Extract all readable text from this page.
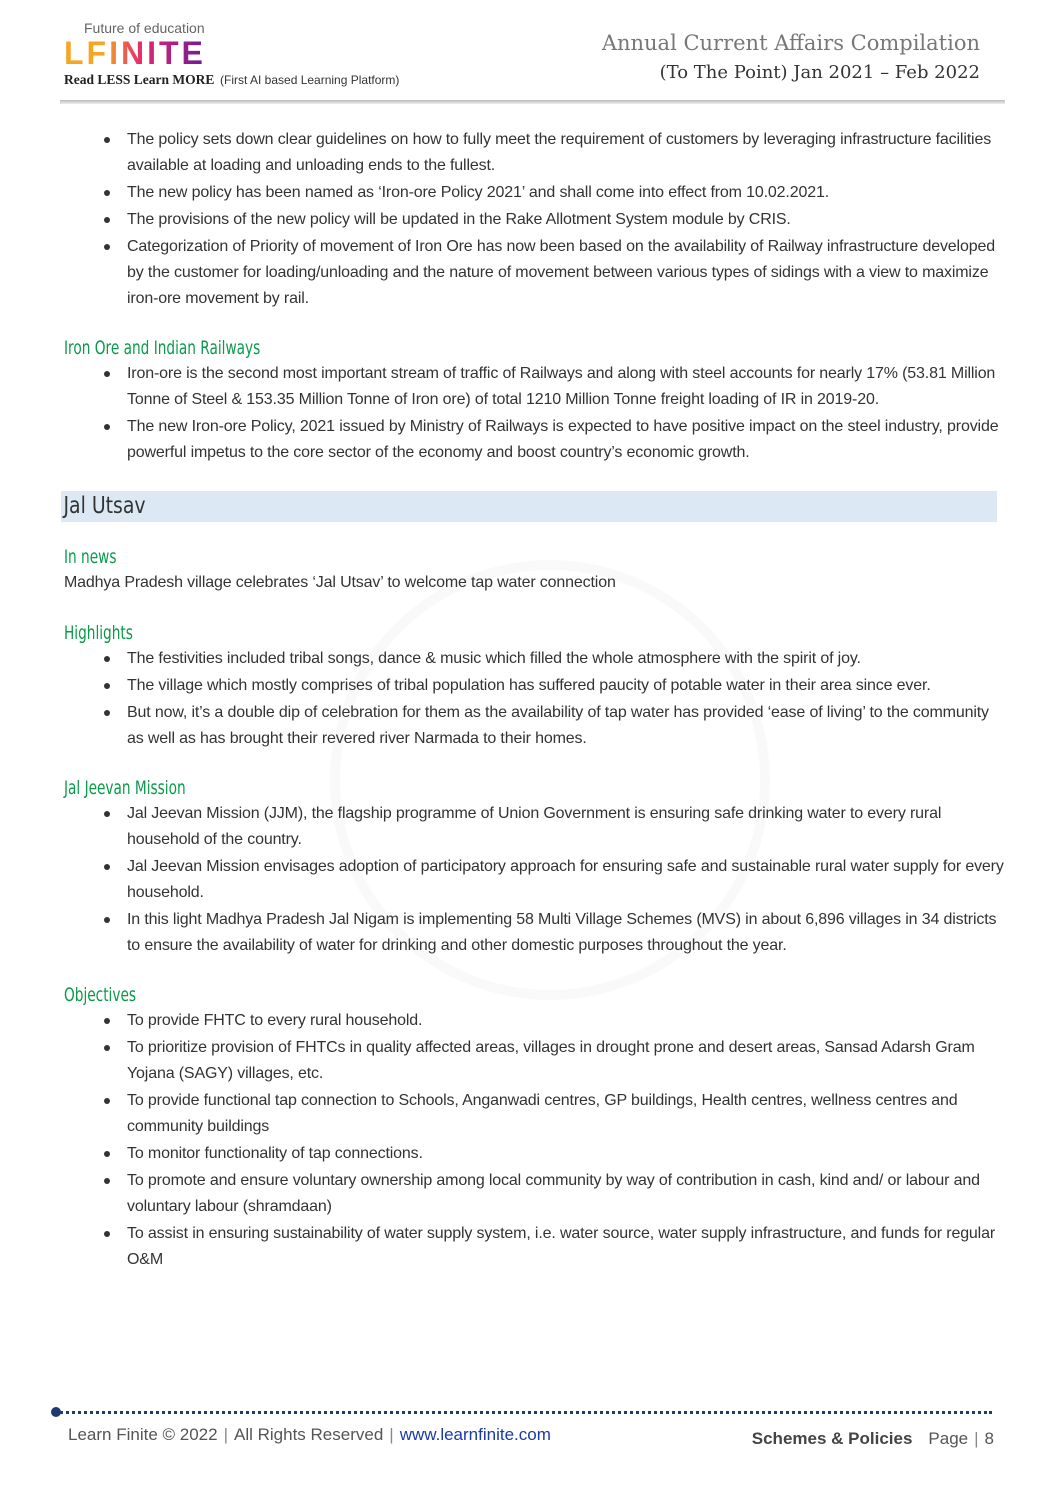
Future of education
LFINITE
Read LESS Learn MORE (First AI based Learning Platform)
Annual Current Affairs Compilation
(To The Point) Jan 2021 – Feb 2022
The policy sets down clear guidelines on how to fully meet the requirement of customers by leveraging infrastructure facilities available at loading and unloading ends to the fullest.
The new policy has been named as ‘Iron-ore Policy 2021’ and shall come into effect from 10.02.2021.
The provisions of the new policy will be updated in the Rake Allotment System module by CRIS.
Categorization of Priority of movement of Iron Ore has now been based on the availability of Railway infrastructure developed by the customer for loading/unloading and the nature of movement between various types of sidings with a view to maximize iron-ore movement by rail.
Iron Ore and Indian Railways
Iron-ore is the second most important stream of traffic of Railways and along with steel accounts for nearly 17% (53.81 Million Tonne of Steel & 153.35 Million Tonne of Iron ore) of total 1210 Million Tonne freight loading of IR in 2019-20.
The new Iron-ore Policy, 2021 issued by Ministry of Railways is expected to have positive impact on the steel industry, provide powerful impetus to the core sector of the economy and boost country’s economic growth.
Jal Utsav
In news

Madhya Pradesh village celebrates ‘Jal Utsav’ to welcome tap water connection

Highlights
The festivities included tribal songs, dance & music which filled the whole atmosphere with the spirit of joy.
The village which mostly comprises of tribal population has suffered paucity of potable water in their area since ever.
But now, it’s a double dip of celebration for them as the availability of tap water has provided ‘ease of living’ to the community as well as has brought their revered river Narmada to their homes.
Jal Jeevan Mission
Jal Jeevan Mission (JJM), the flagship programme of Union Government is ensuring safe drinking water to every rural household of the country.
Jal Jeevan Mission envisages adoption of participatory approach for ensuring safe and sustainable rural water supply for every household.
In this light Madhya Pradesh Jal Nigam is implementing 58 Multi Village Schemes (MVS) in about 6,896 villages in 34 districts to ensure the availability of water for drinking and other domestic purposes throughout the year.
Objectives
To provide FHTC to every rural household.
To prioritize provision of FHTCs in quality affected areas, villages in drought prone and desert areas, Sansad Adarsh Gram Yojana (SAGY) villages, etc.
To provide functional tap connection to Schools, Anganwadi centres, GP buildings, Health centres, wellness centres and community buildings
To monitor functionality of tap connections.
To promote and ensure voluntary ownership among local community by way of contribution in cash, kind and/ or labour and voluntary labour (shramdaan)
To assist in ensuring sustainability of water supply system, i.e. water source, water supply infrastructure, and funds for regular O&M
Learn Finite © 2022 | All Rights Reserved | www.learnfinite.com	Schemes & Policies Page | 8
